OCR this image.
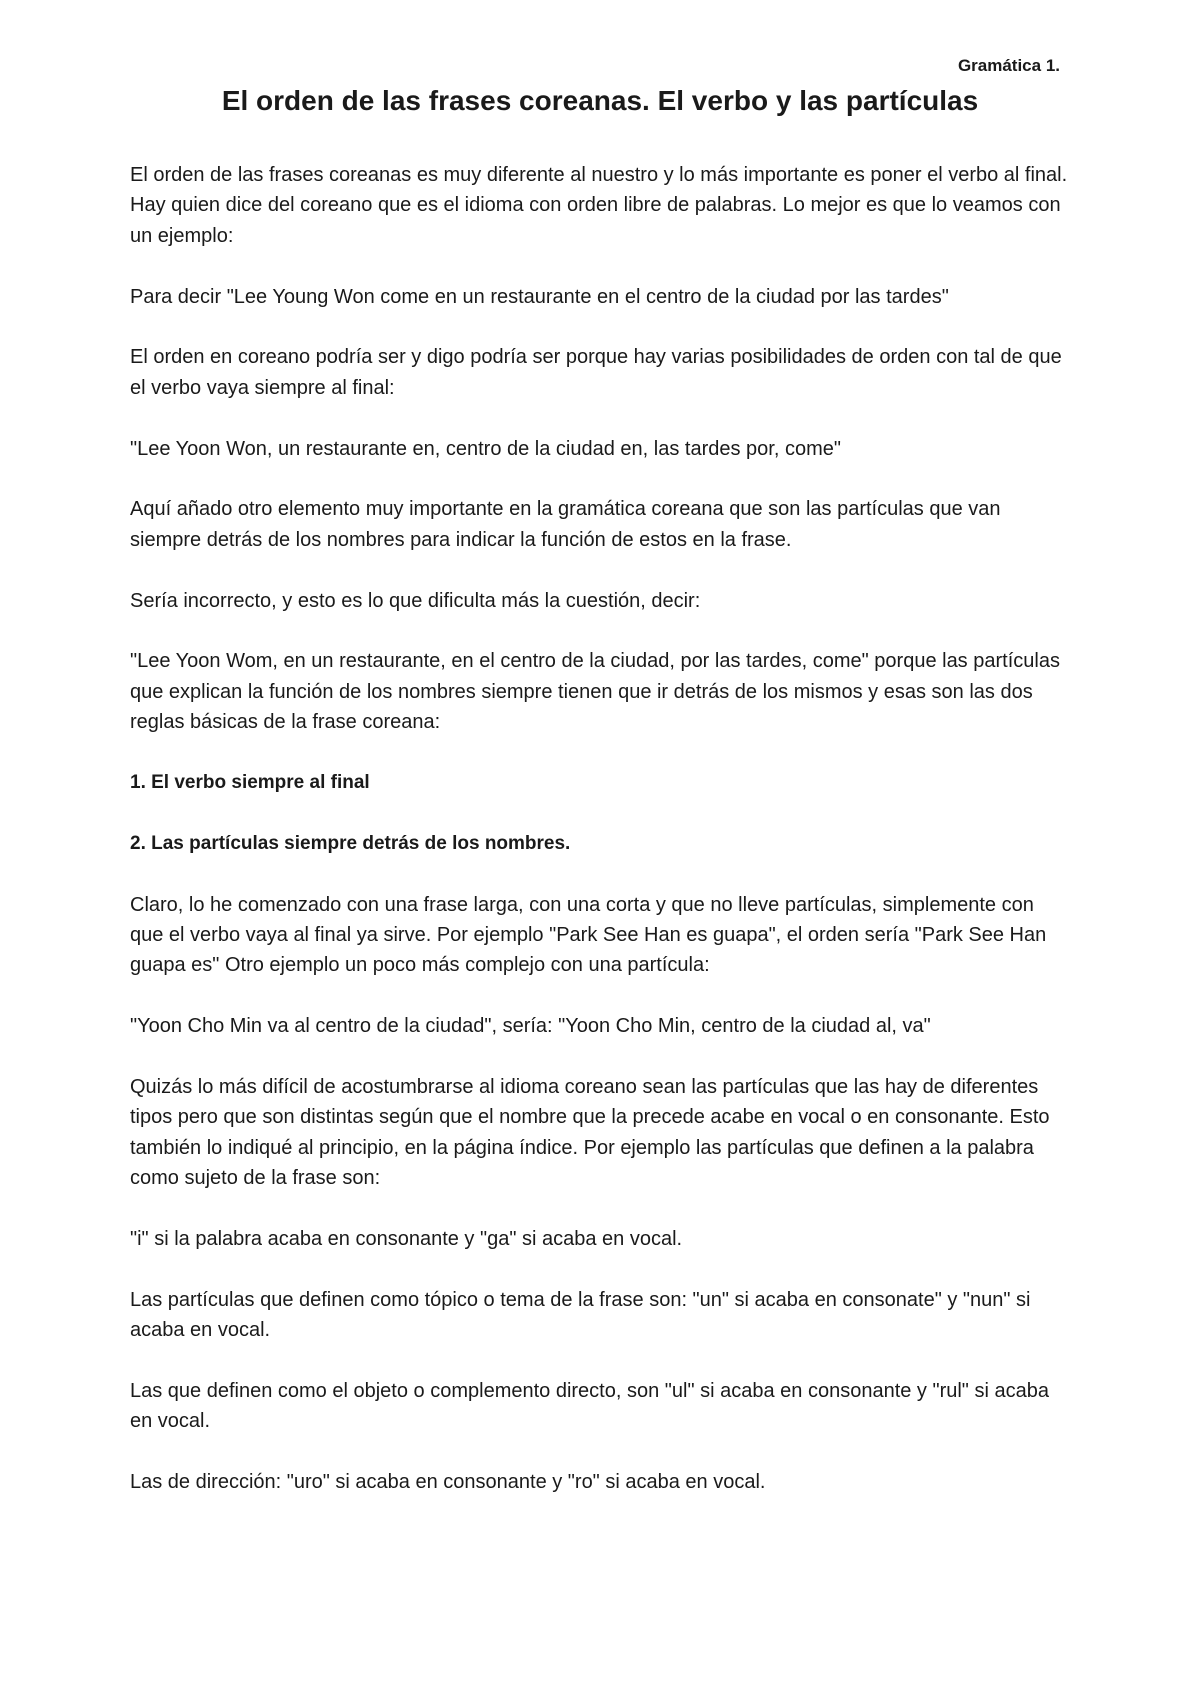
Gramática 1.
El orden de las frases coreanas. El verbo y las partículas

El orden de las frases coreanas es muy diferente al nuestro y lo más importante es poner el verbo al final. Hay quien dice del coreano que es el idioma con orden libre de palabras. Lo mejor es que lo veamos con un ejemplo:

Para decir "Lee Young Won come en un restaurante en el centro de la ciudad por las tardes"

El orden en coreano podría ser y digo podría ser porque hay varias posibilidades de orden con tal de que el verbo vaya siempre al final:

"Lee Yoon Won, un restaurante en, centro de la ciudad en, las tardes por, come"

Aquí añado otro elemento muy importante en la gramática coreana que son las partículas que van siempre detrás de los nombres para indicar la función de estos en la frase.

Sería incorrecto, y esto es lo que dificulta más la cuestión, decir:

"Lee Yoon Wom, en un restaurante, en el centro de la ciudad, por las tardes, come" porque las partículas que explican la función de los nombres siempre tienen que ir detrás de los mismos y esas son las dos reglas básicas de la frase coreana:

1. El verbo siempre al final

2. Las partículas siempre detrás de los nombres.

Claro, lo he comenzado con una frase larga, con una corta y que no lleve partículas, simplemente con que el verbo vaya al final ya sirve. Por ejemplo "Park See Han es guapa", el orden sería "Park See Han guapa es" Otro ejemplo un poco más complejo con una partícula:

"Yoon Cho Min va al centro de la ciudad", sería: "Yoon Cho Min, centro de la ciudad al, va"

Quizás lo más difícil de acostumbrarse al idioma coreano sean las partículas que las hay de diferentes tipos pero que son distintas según que el nombre que la precede acabe en vocal o en consonante. Esto también lo indiqué al principio, en la página índice. Por ejemplo las partículas que definen a la palabra como sujeto de la frase son:

"i" si la palabra acaba en consonante y "ga" si acaba en vocal.

Las partículas que definen como tópico o tema de la frase son: "un" si acaba en consonate" y "nun" si acaba en vocal.

Las que definen como el objeto o complemento directo, son "ul" si acaba en consonante y "rul" si acaba en vocal.

Las de dirección: "uro" si acaba en consonante y "ro" si acaba en vocal.
